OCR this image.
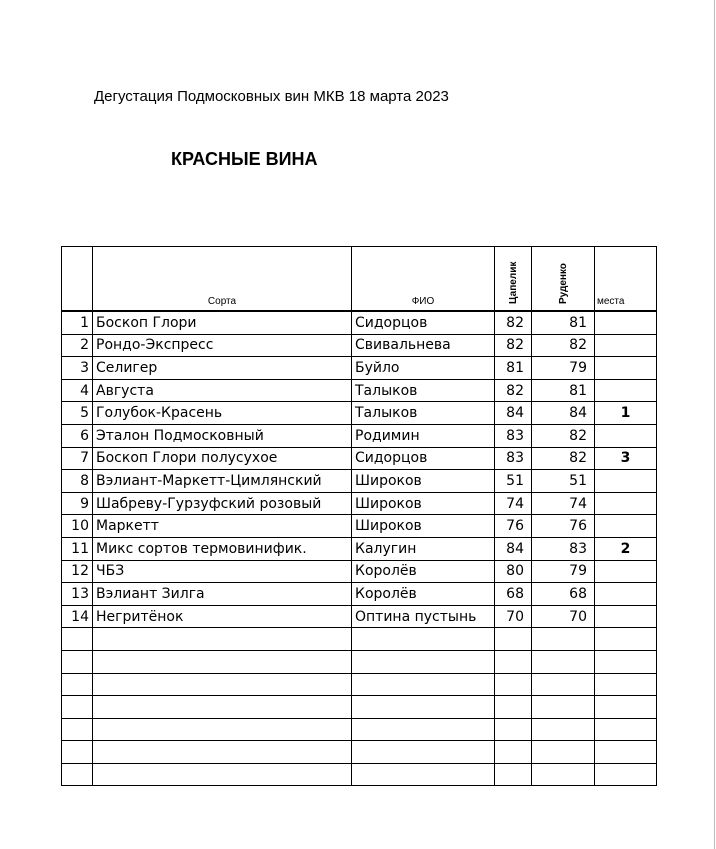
Дегустация Подмосковных вин МКВ 18 марта 2023
КРАСНЫЕ ВИНА
	Сорта	ФИО	Цапелик	Руденко	места
1	Боскоп Глори	Сидорцов	82	81	
2	Рондо-Экспресс	Свивальнева	82	82	
3	Селигер	Буйло	81	79	
4	Августа	Талыков	82	81	
5	Голубок-Красень	Талыков	84	84	1
6	Эталон Подмосковный	Родимин	83	82	
7	Боскоп Глори полусухое	Сидорцов	83	82	3
8	Вэлиант-Маркетт-Цимлянский	Широков	51	51	
9	Шабреву-Гурзуфский розовый	Широков	74	74	
10	Маркетт	Широков	76	76	
11	Микс сортов термовинифик.	Калугин	84	83	2
12	ЧБЗ	Королёв	80	79	
13	Вэлиант Зилга	Королёв	68	68	
14	Негритёнок	Оптина пустынь	70	70	
